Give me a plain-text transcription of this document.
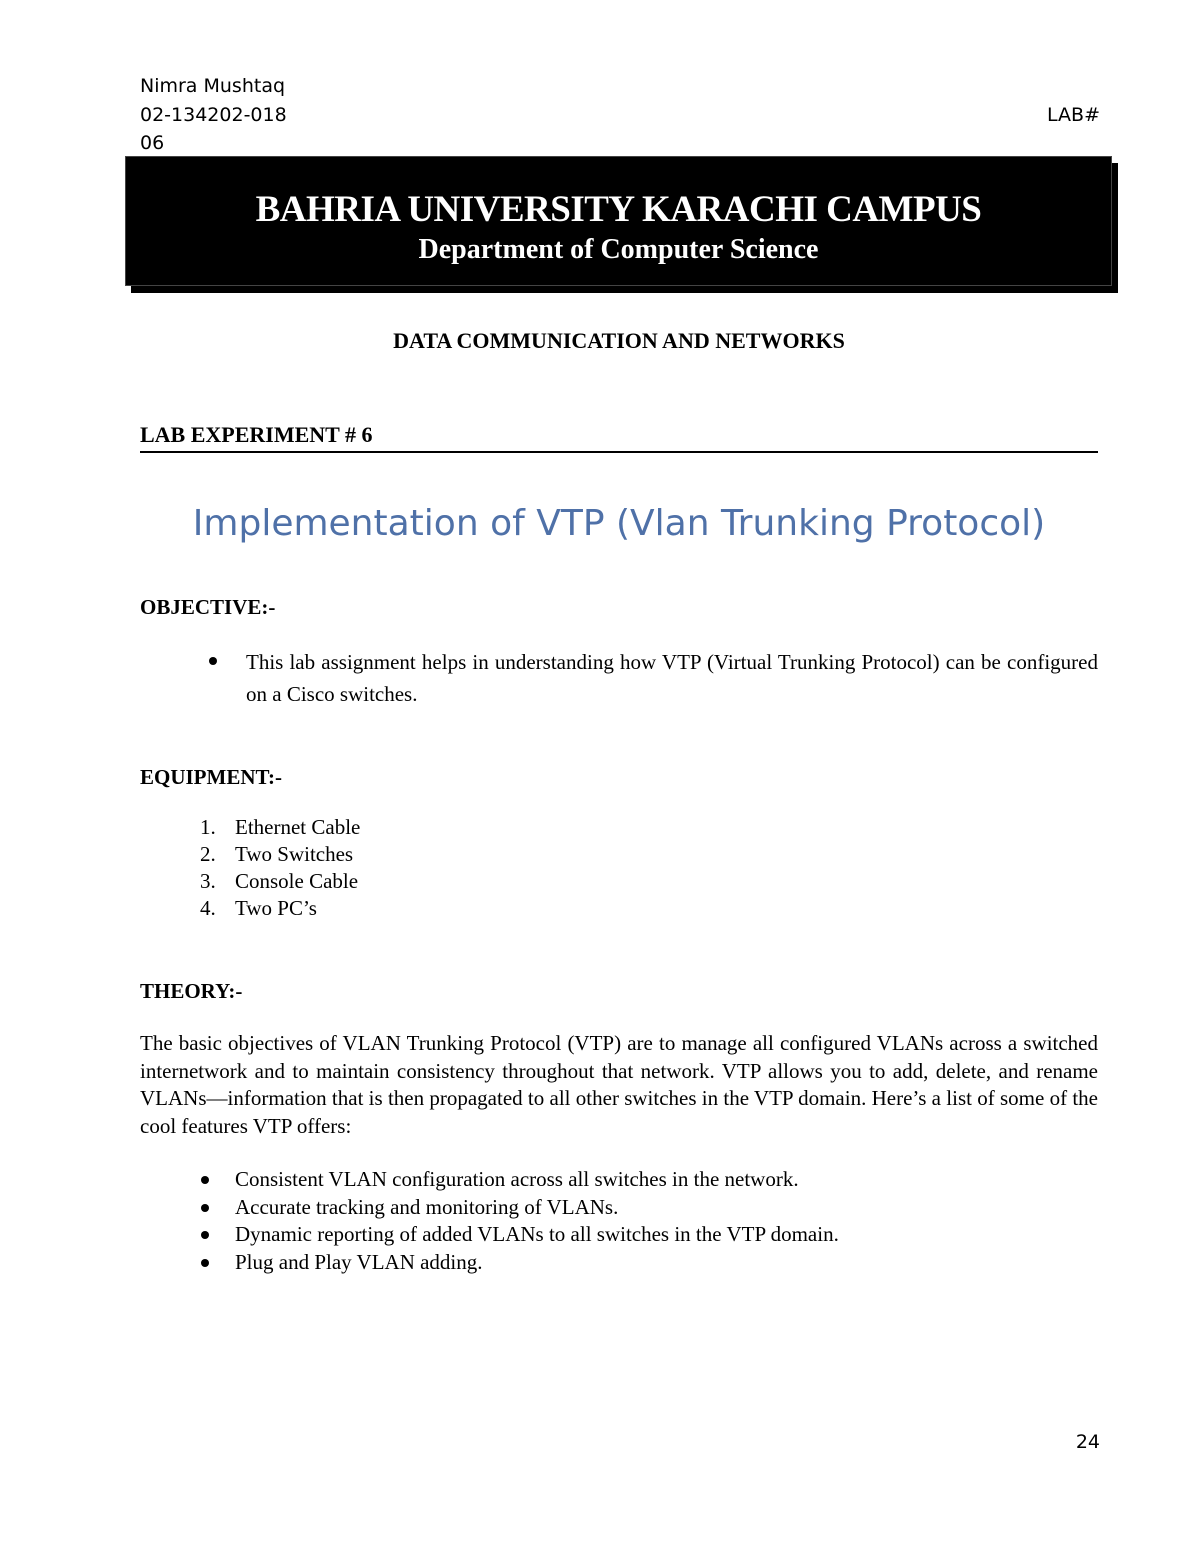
Nimra Mushtaq
02-134202-018	LAB#
06
BAHRIA UNIVERSITY KARACHI CAMPUS
Department of Computer Science
DATA COMMUNICATION AND NETWORKS
LAB EXPERIMENT # 6
Implementation of VTP (Vlan Trunking Protocol)
OBJECTIVE:-
This lab assignment helps in understanding how VTP (Virtual Trunking Protocol) can be configured on a Cisco switches.
EQUIPMENT:-
1. Ethernet Cable
2. Two Switches
3. Console Cable
4. Two PC’s
THEORY:-

The basic objectives of VLAN Trunking Protocol (VTP) are to manage all configured VLANs across a switched internetwork and to maintain consistency throughout that network. VTP allows you to add, delete, and rename VLANs—information that is then propagated to all other switches in the VTP domain. Here’s a list of some of the cool features VTP offers:

Consistent VLAN configuration across all switches in the network.
Accurate tracking and monitoring of VLANs.
Dynamic reporting of added VLANs to all switches in the VTP domain.
Plug and Play VLAN adding.
24
